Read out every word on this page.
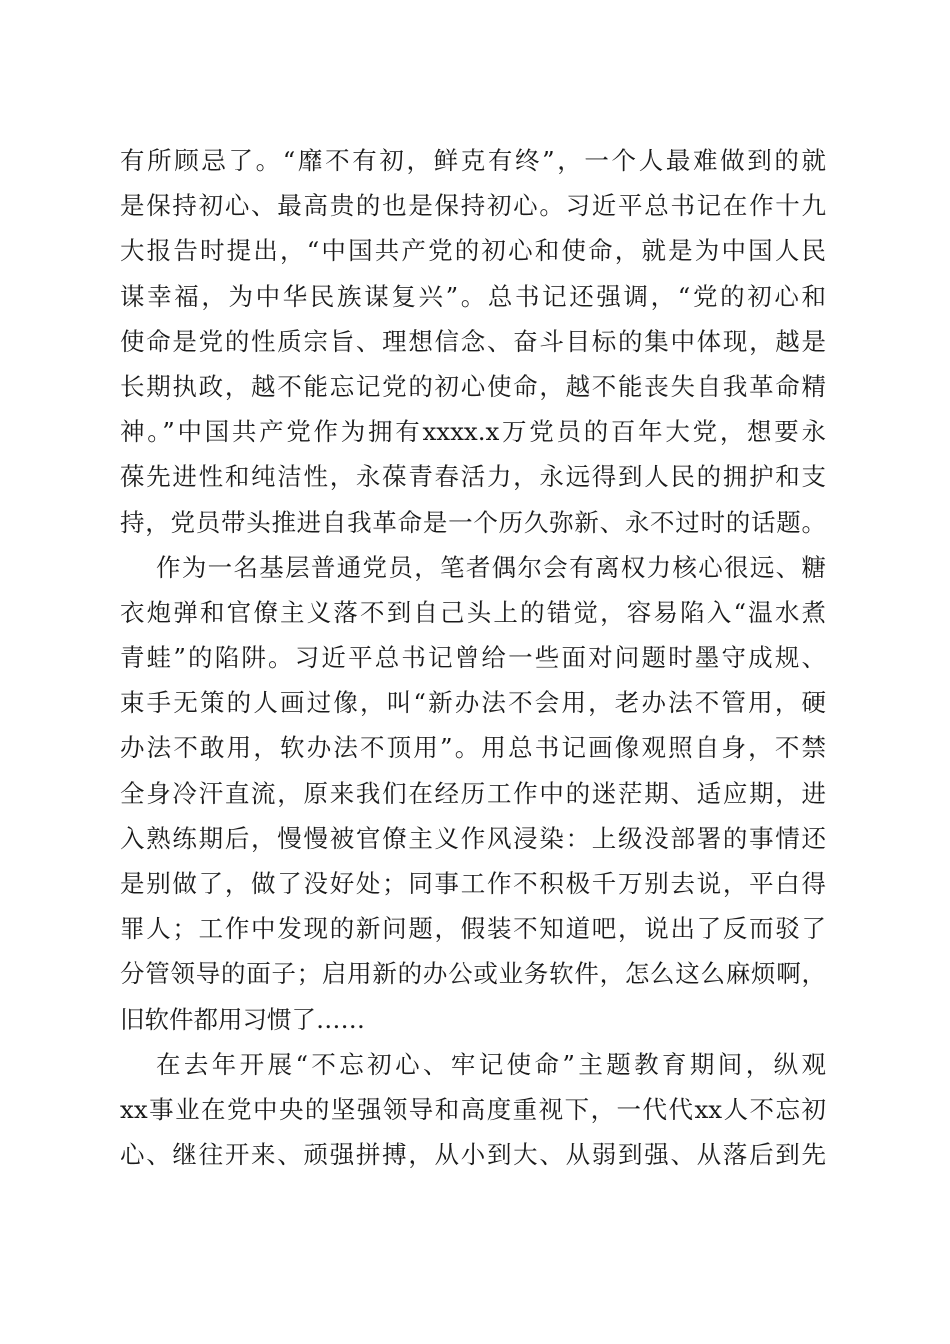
有所顾忌了。“靡不有初，鲜克有终”，一个人最难做到的就
是保持初心、最高贵的也是保持初心。习近平总书记在作十九
大报告时提出，“中国共产党的初心和使命，就是为中国人民
谋幸福，为中华民族谋复兴”。总书记还强调，“党的初心和
使命是党的性质宗旨、理想信念、奋斗目标的集中体现，越是
长期执政，越不能忘记党的初心使命，越不能丧失自我革命精
神。”中国共产党作为拥有xxxx.x万党员的百年大党，想要永
葆先进性和纯洁性，永葆青春活力，永远得到人民的拥护和支
持，党员带头推进自我革命是一个历久弥新、永不过时的话题。
作为一名基层普通党员，笔者偶尔会有离权力核心很远、糖
衣炮弹和官僚主义落不到自己头上的错觉，容易陷入“温水煮
青蛙”的陷阱。习近平总书记曾给一些面对问题时墨守成规、
束手无策的人画过像，叫“新办法不会用，老办法不管用，硬
办法不敢用，软办法不顶用”。用总书记画像观照自身，不禁
全身冷汗直流，原来我们在经历工作中的迷茫期、适应期，进
入熟练期后，慢慢被官僚主义作风浸染：上级没部署的事情还
是别做了，做了没好处；同事工作不积极千万别去说，平白得
罪人；工作中发现的新问题，假装不知道吧，说出了反而驳了
分管领导的面子；启用新的办公或业务软件，怎么这么麻烦啊，
旧软件都用习惯了……
在去年开展“不忘初心、牢记使命”主题教育期间，纵观
xx事业在党中央的坚强领导和高度重视下，一代代xx人不忘初
心、继往开来、顽强拼搏，从小到大、从弱到强、从落后到先
